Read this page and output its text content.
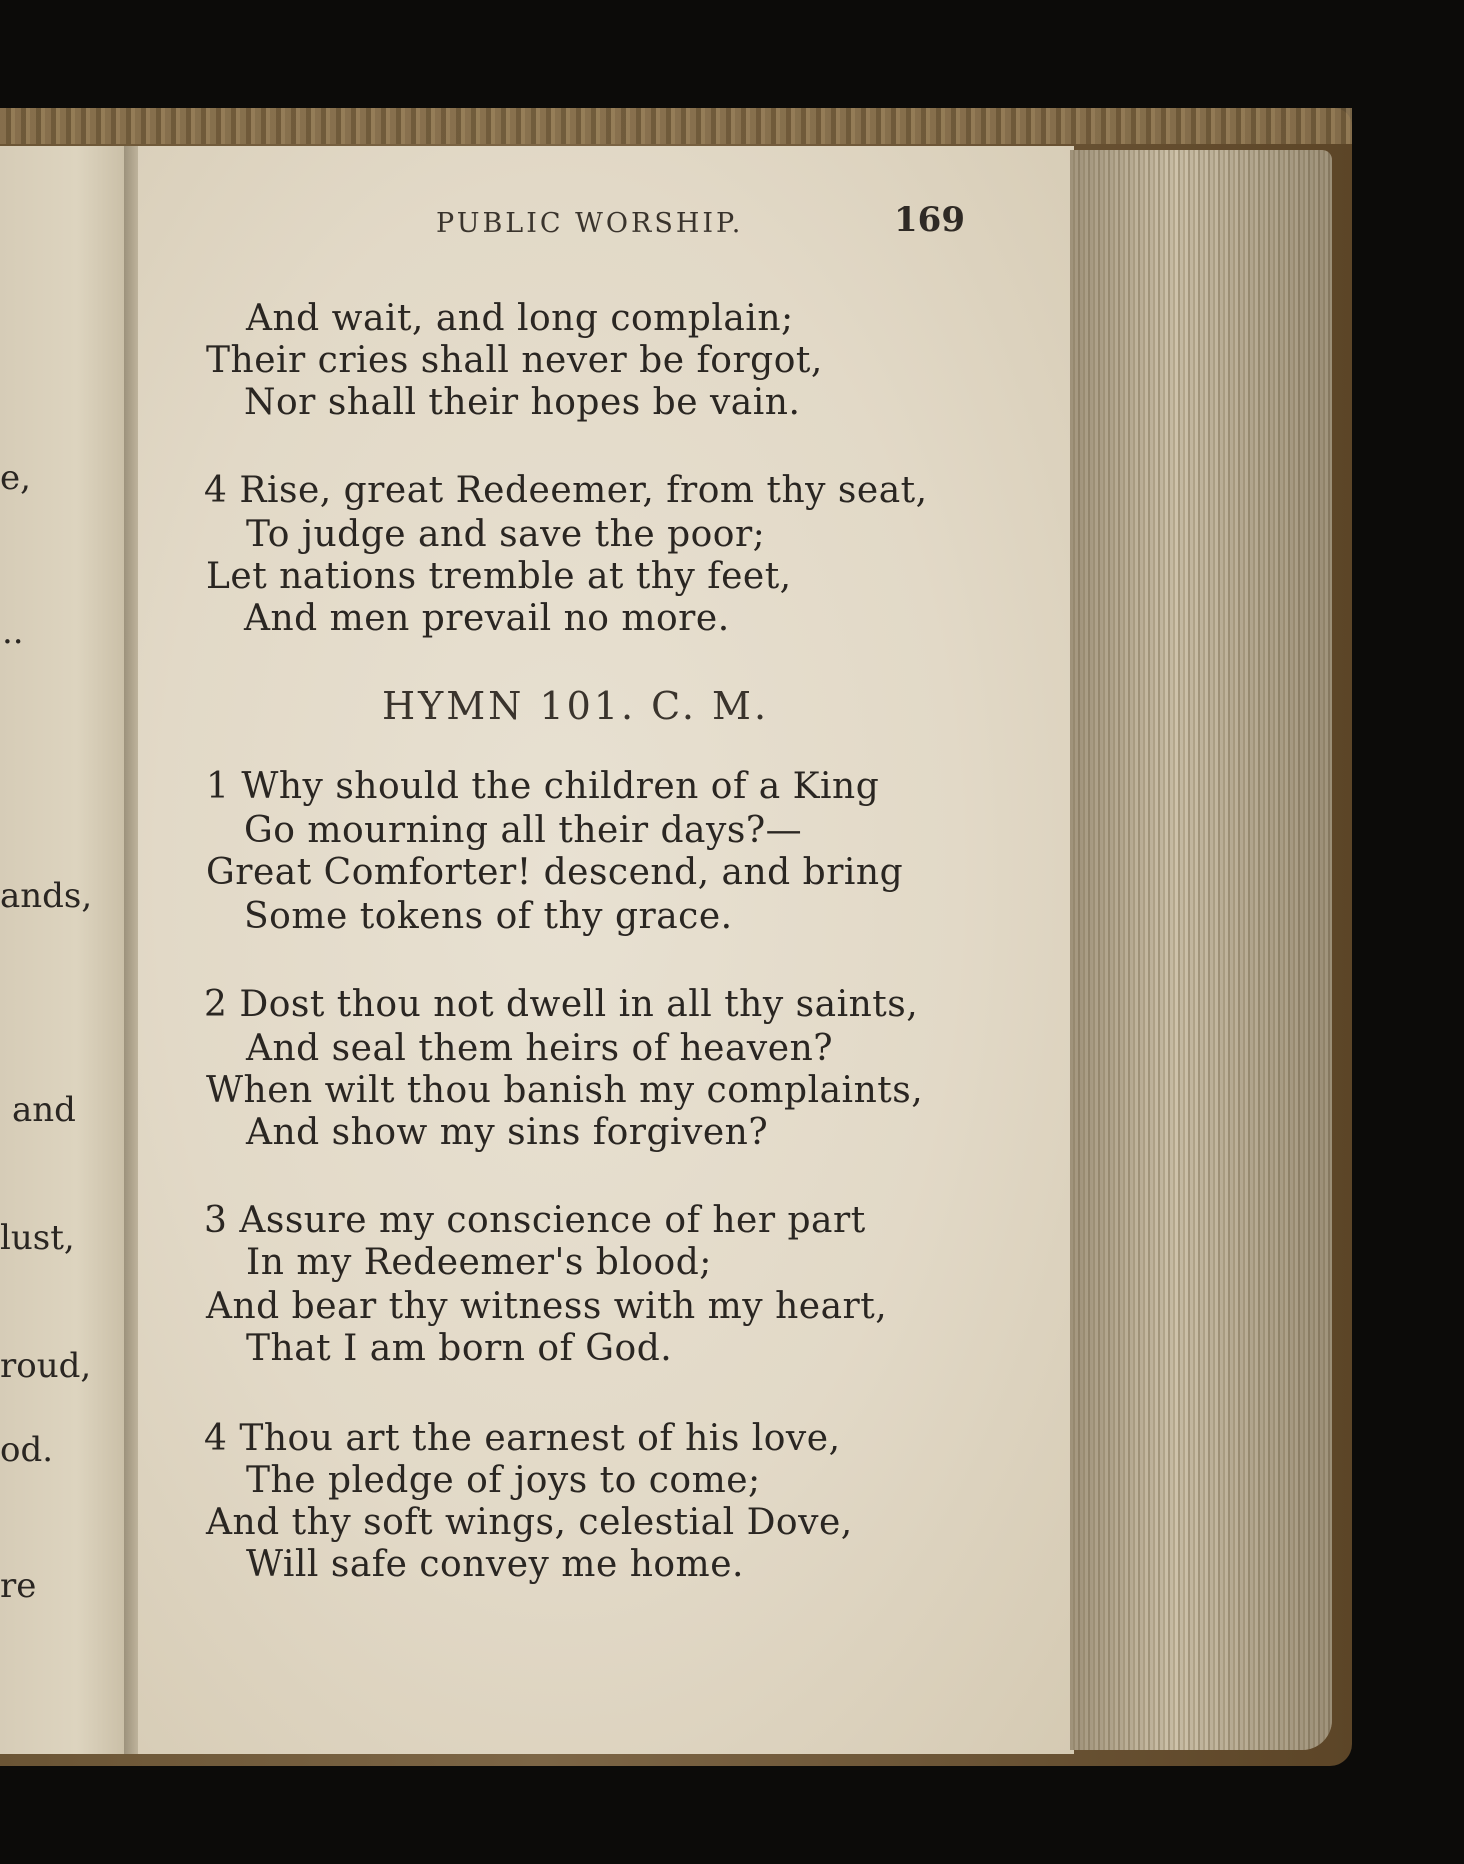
e,
..
ands,
and
lust,
roud,
od.
re
PUBLIC WORSHIP.	169
And wait, and long complain;
Their cries shall never be forgot,
Nor shall their hopes be vain.
4 Rise, great Redeemer, from thy seat,
To judge and save the poor;
Let nations tremble at thy feet,
And men prevail no more.
HYMN 101. C. M.
1 Why should the children of a King
Go mourning all their days?—
Great Comforter! descend, and bring
Some tokens of thy grace.
2 Dost thou not dwell in all thy saints,
And seal them heirs of heaven?
When wilt thou banish my complaints,
And show my sins forgiven?
3 Assure my conscience of her part
In my Redeemer's blood;
And bear thy witness with my heart,
That I am born of God.
4 Thou art the earnest of his love,
The pledge of joys to come;
And thy soft wings, celestial Dove,
Will safe convey me home.
